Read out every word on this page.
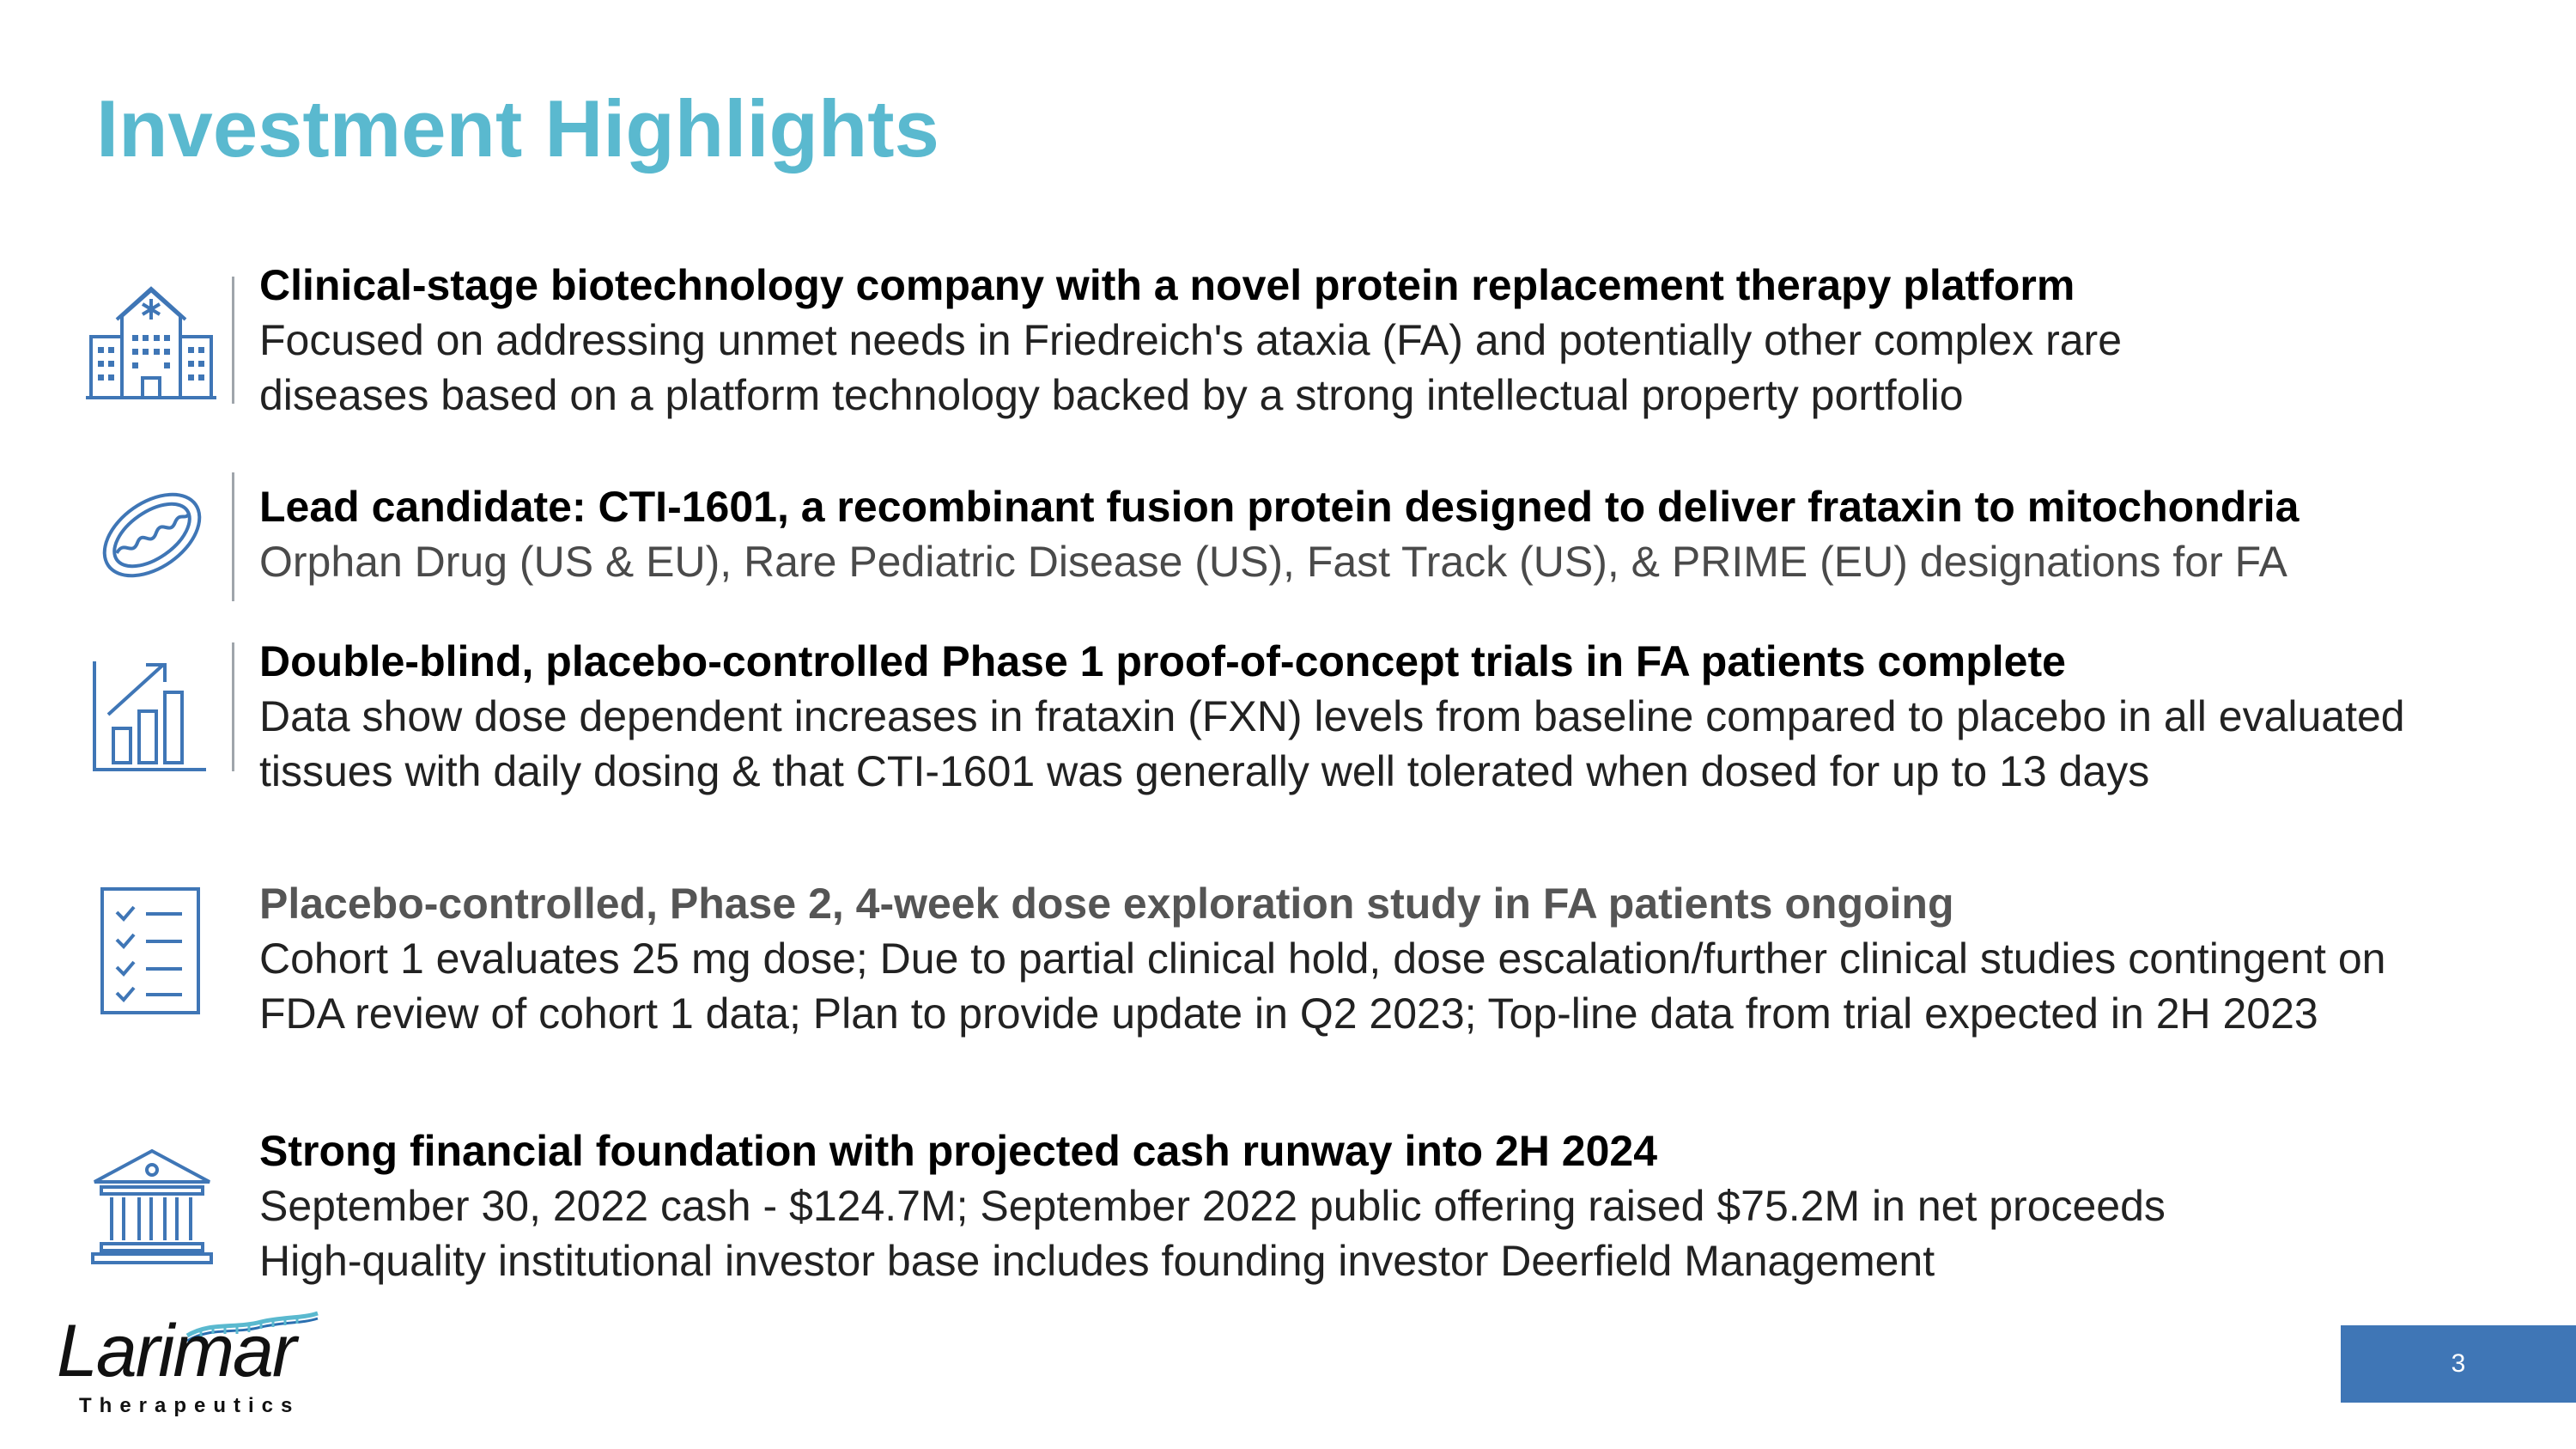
Investment Highlights
Clinical-stage biotechnology company with a novel protein replacement therapy platform
Focused on addressing unmet needs in Friedreich's ataxia (FA) and potentially other complex rare
diseases based on a platform technology backed by a strong intellectual property portfolio
Lead candidate: CTI-1601, a recombinant fusion protein designed to deliver frataxin to mitochondria
Orphan Drug (US & EU), Rare Pediatric Disease (US), Fast Track (US), & PRIME (EU) designations for FA
Double-blind, placebo-controlled Phase 1 proof-of-concept trials in FA patients complete
Data show dose dependent increases in frataxin (FXN) levels from baseline compared to placebo in all evaluated
tissues with daily dosing & that CTI-1601 was generally well tolerated when dosed for up to 13 days
Placebo-controlled, Phase 2, 4-week dose exploration study in FA patients ongoing
Cohort 1 evaluates 25 mg dose; Due to partial clinical hold, dose escalation/further clinical studies contingent on
FDA review of cohort 1 data; Plan to provide update in Q2 2023; Top-line data from trial expected in 2H 2023
Strong financial foundation with projected cash runway into 2H 2024
September 30, 2022 cash - $124.7M; September 2022 public offering raised $75.2M in net proceeds
High-quality institutional investor base includes founding investor Deerfield Management
Larimar
Therapeutics
3
